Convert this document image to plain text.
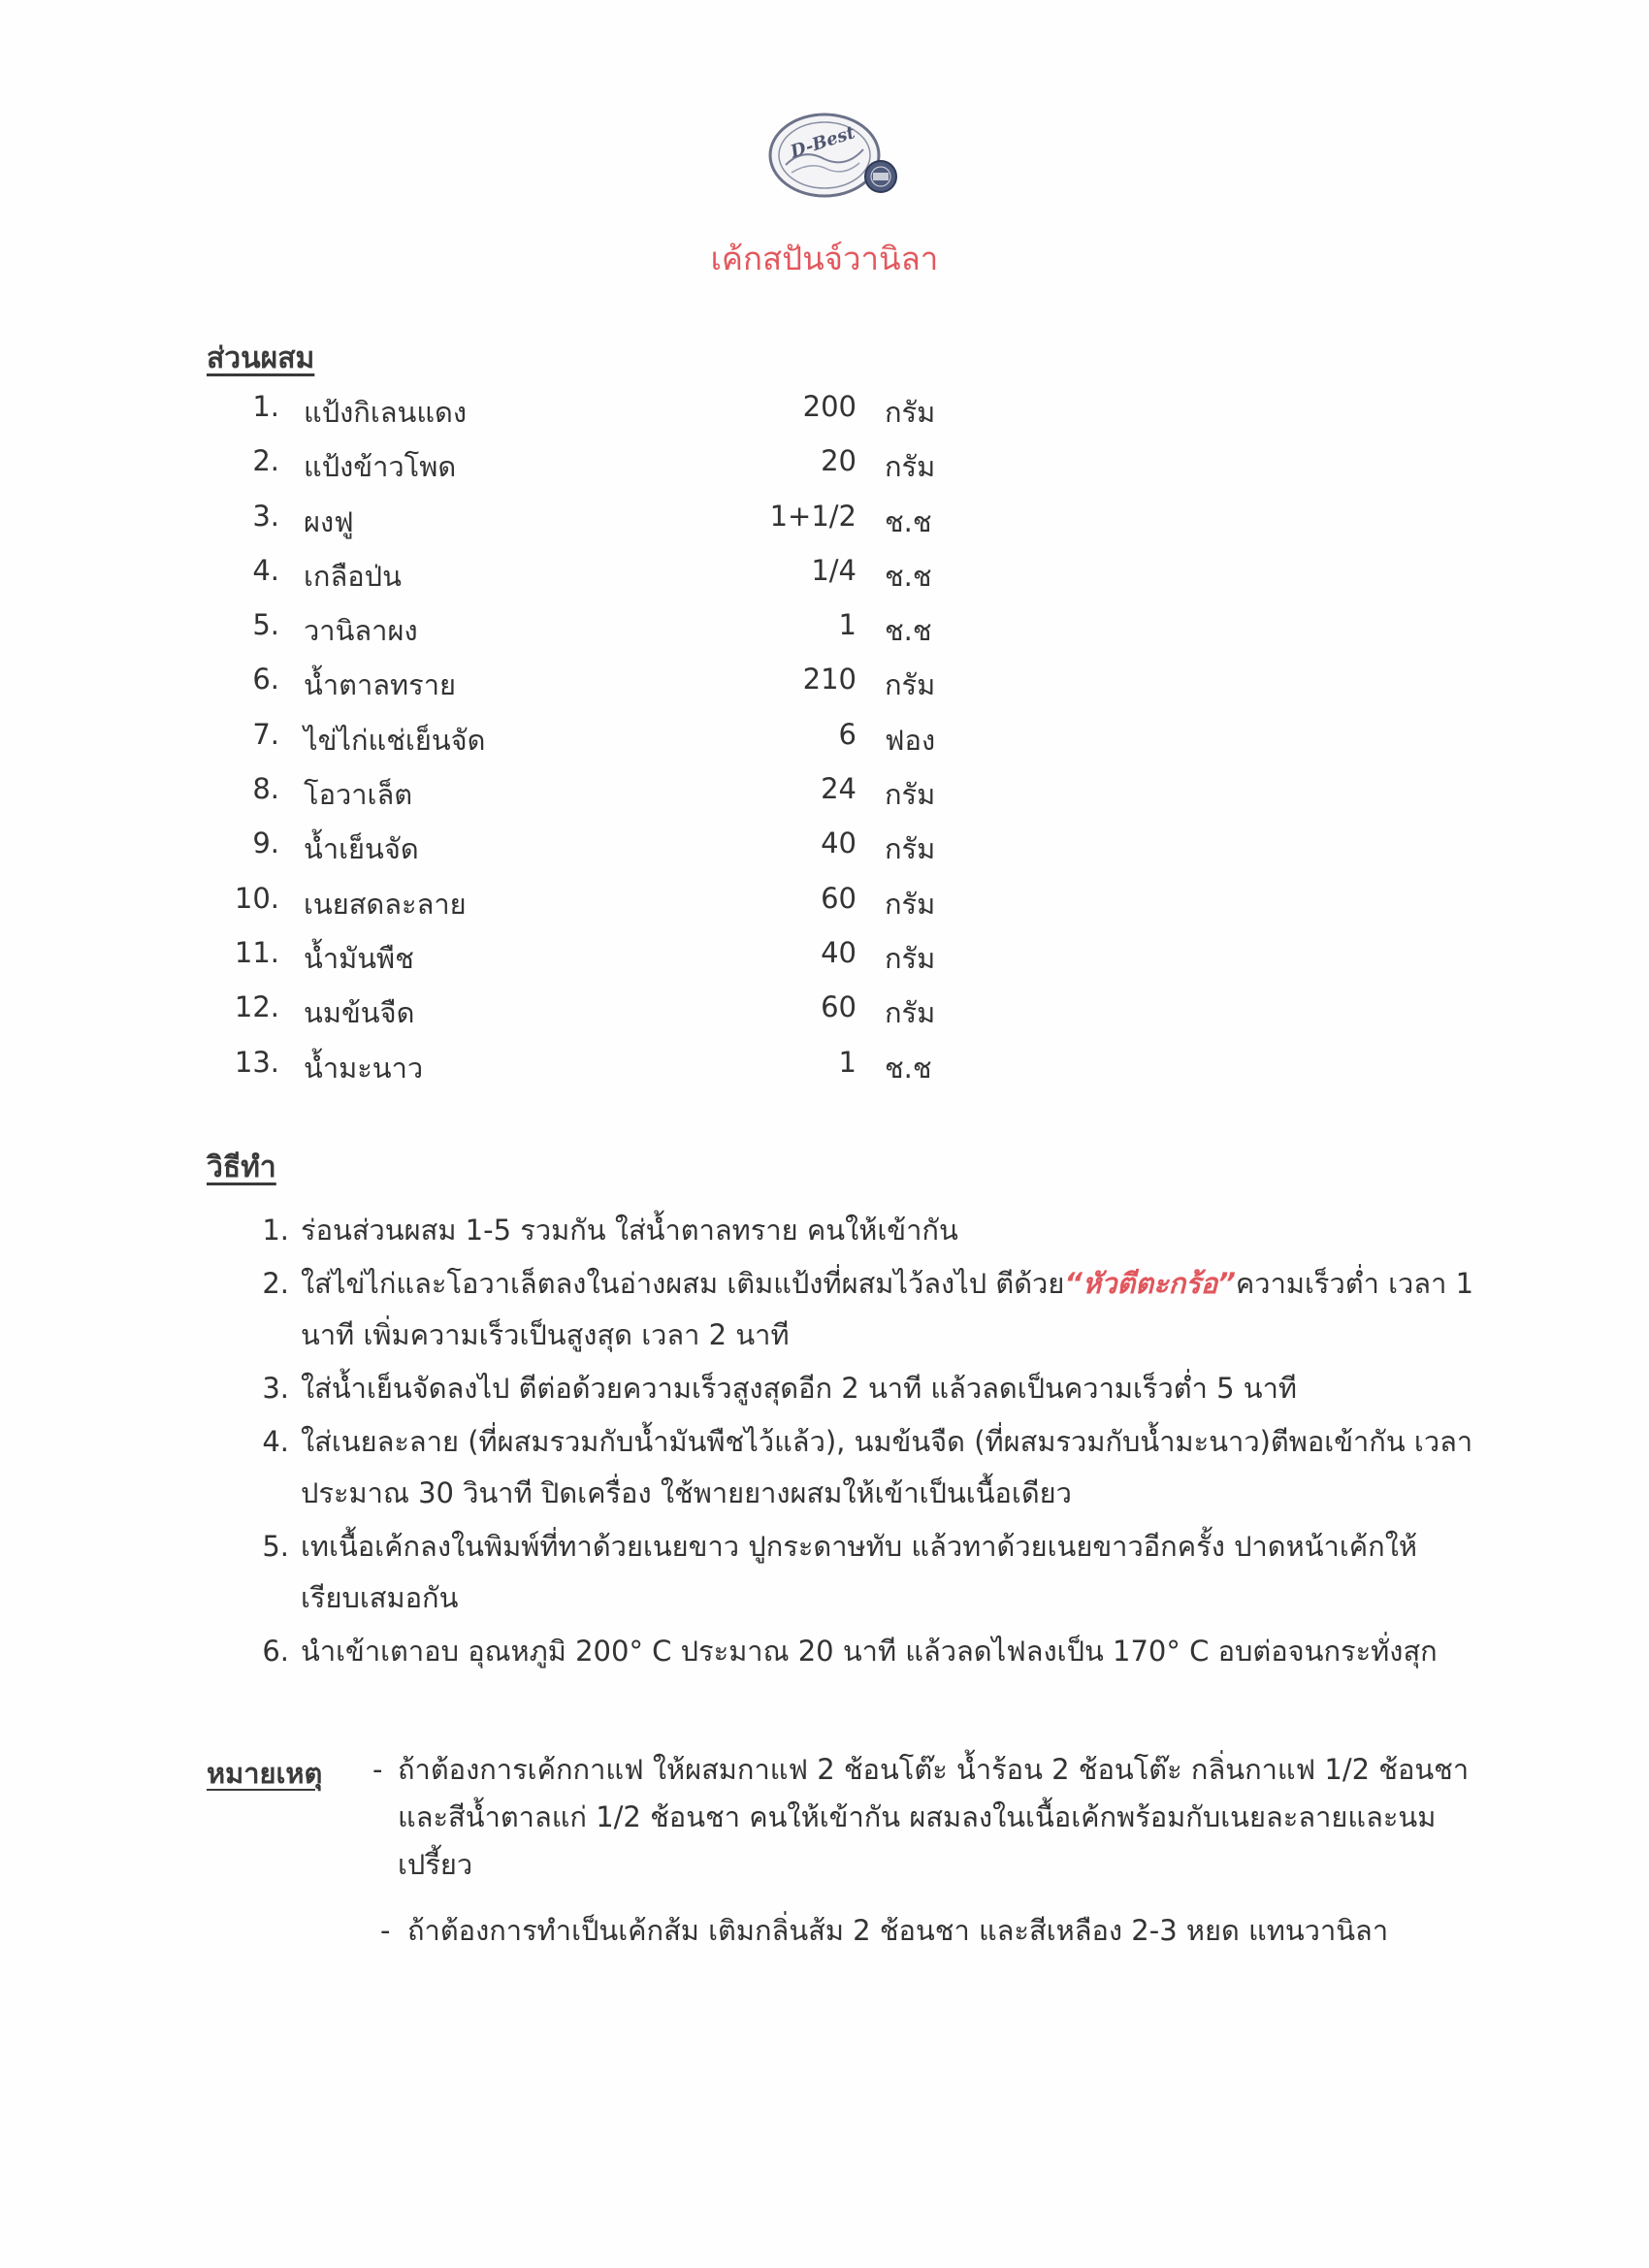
D-Best
เค้กสปันจ์วานิลา
ส่วนผสม
1. แป้งกิเลนแดง	200 กรัม
2. แป้งข้าวโพด	20 กรัม
3. ผงฟู	1+1/2 ช.ช
4. เกลือป่น	1/4 ช.ช
5. วานิลาผง	1 ช.ช
6. น้ำตาลทราย	210 กรัม
7. ไข่ไก่แช่เย็นจัด	6 ฟอง
8. โอวาเล็ต	24 กรัม
9. น้ำเย็นจัด	40 กรัม
10. เนยสดละลาย	60 กรัม
11. น้ำมันพืช	40 กรัม
12. นมข้นจืด	60 กรัม
13. น้ำมะนาว	1 ช.ช
วิธีทำ
1. ร่อนส่วนผสม 1-5 รวมกัน ใส่น้ำตาลทราย คนให้เข้ากัน
2. ใส่ไข่ไก่และโอวาเล็ตลงในอ่างผสม เติมแป้งที่ผสมไว้ลงไป ตีด้วย“หัวตีตะกร้อ”ความเร็วต่ำ เวลา 1 นาที เพิ่มความเร็วเป็นสูงสุด เวลา 2 นาที
3. ใส่น้ำเย็นจัดลงไป ตีต่อด้วยความเร็วสูงสุดอีก 2 นาที แล้วลดเป็นความเร็วต่ำ 5 นาที
4. ใส่เนยละลาย (ที่ผสมรวมกับน้ำมันพืชไว้แล้ว), นมข้นจืด (ที่ผสมรวมกับน้ำมะนาว)ตีพอเข้ากัน เวลาประมาณ 30 วินาที ปิดเครื่อง ใช้พายยางผสมให้เข้าเป็นเนื้อเดียว
5. เทเนื้อเค้กลงในพิมพ์ที่ทาด้วยเนยขาว ปูกระดาษทับ แล้วทาด้วยเนยขาวอีกครั้ง ปาดหน้าเค้กให้เรียบเสมอกัน
6. นำเข้าเตาอบ อุณหภูมิ 200° C ประมาณ 20 นาที แล้วลดไฟลงเป็น 170° C อบต่อจนกระทั่งสุก
หมายเหตุ - ถ้าต้องการเค้กกาแฟ ให้ผสมกาแฟ 2 ช้อนโต๊ะ น้ำร้อน 2 ช้อนโต๊ะ กลิ่นกาแฟ 1/2 ช้อนชาและสีน้ำตาลแก่ 1/2 ช้อนชา คนให้เข้ากัน ผสมลงในเนื้อเค้กพร้อมกับเนยละลายและนมเปรี้ยว
- ถ้าต้องการทำเป็นเค้กส้ม เติมกลิ่นส้ม 2 ช้อนชา และสีเหลือง 2-3 หยด แทนวานิลา
